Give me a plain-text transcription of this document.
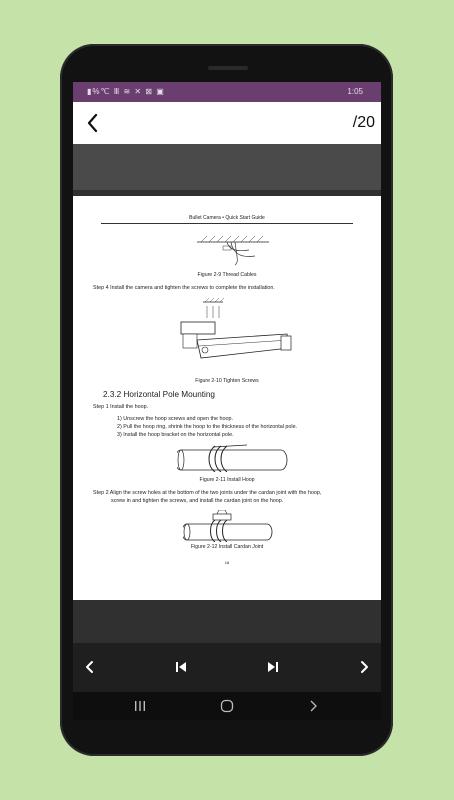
▮%℃ Ⅲ ≋ ✕ ⊠ ▣	1:05
/20
Bullet Camera • Quick Start Guide
Figure 2-9 Thread Cables
Step 4 Install the camera and tighten the screws to complete the installation.
Figure 2-10 Tighten Screws
2.3.2 Horizontal Pole Mounting
Step 1 Install the hoop.
1) Unscrew the hoop screws and open the hoop.
2) Pull the hoop ring, shrink the hoop to the thickness of the horizontal pole.
3) Install the hoop bracket on the horizontal pole.
Figure 2-11 Install Hoop
Step 2 Align the screw holes at the bottom of the two joints under the cardan joint with the hoop,
screw in and tighten the screws, and install the cardan joint on the hoop.
Figure 2-12 Install Cardan Joint
18
